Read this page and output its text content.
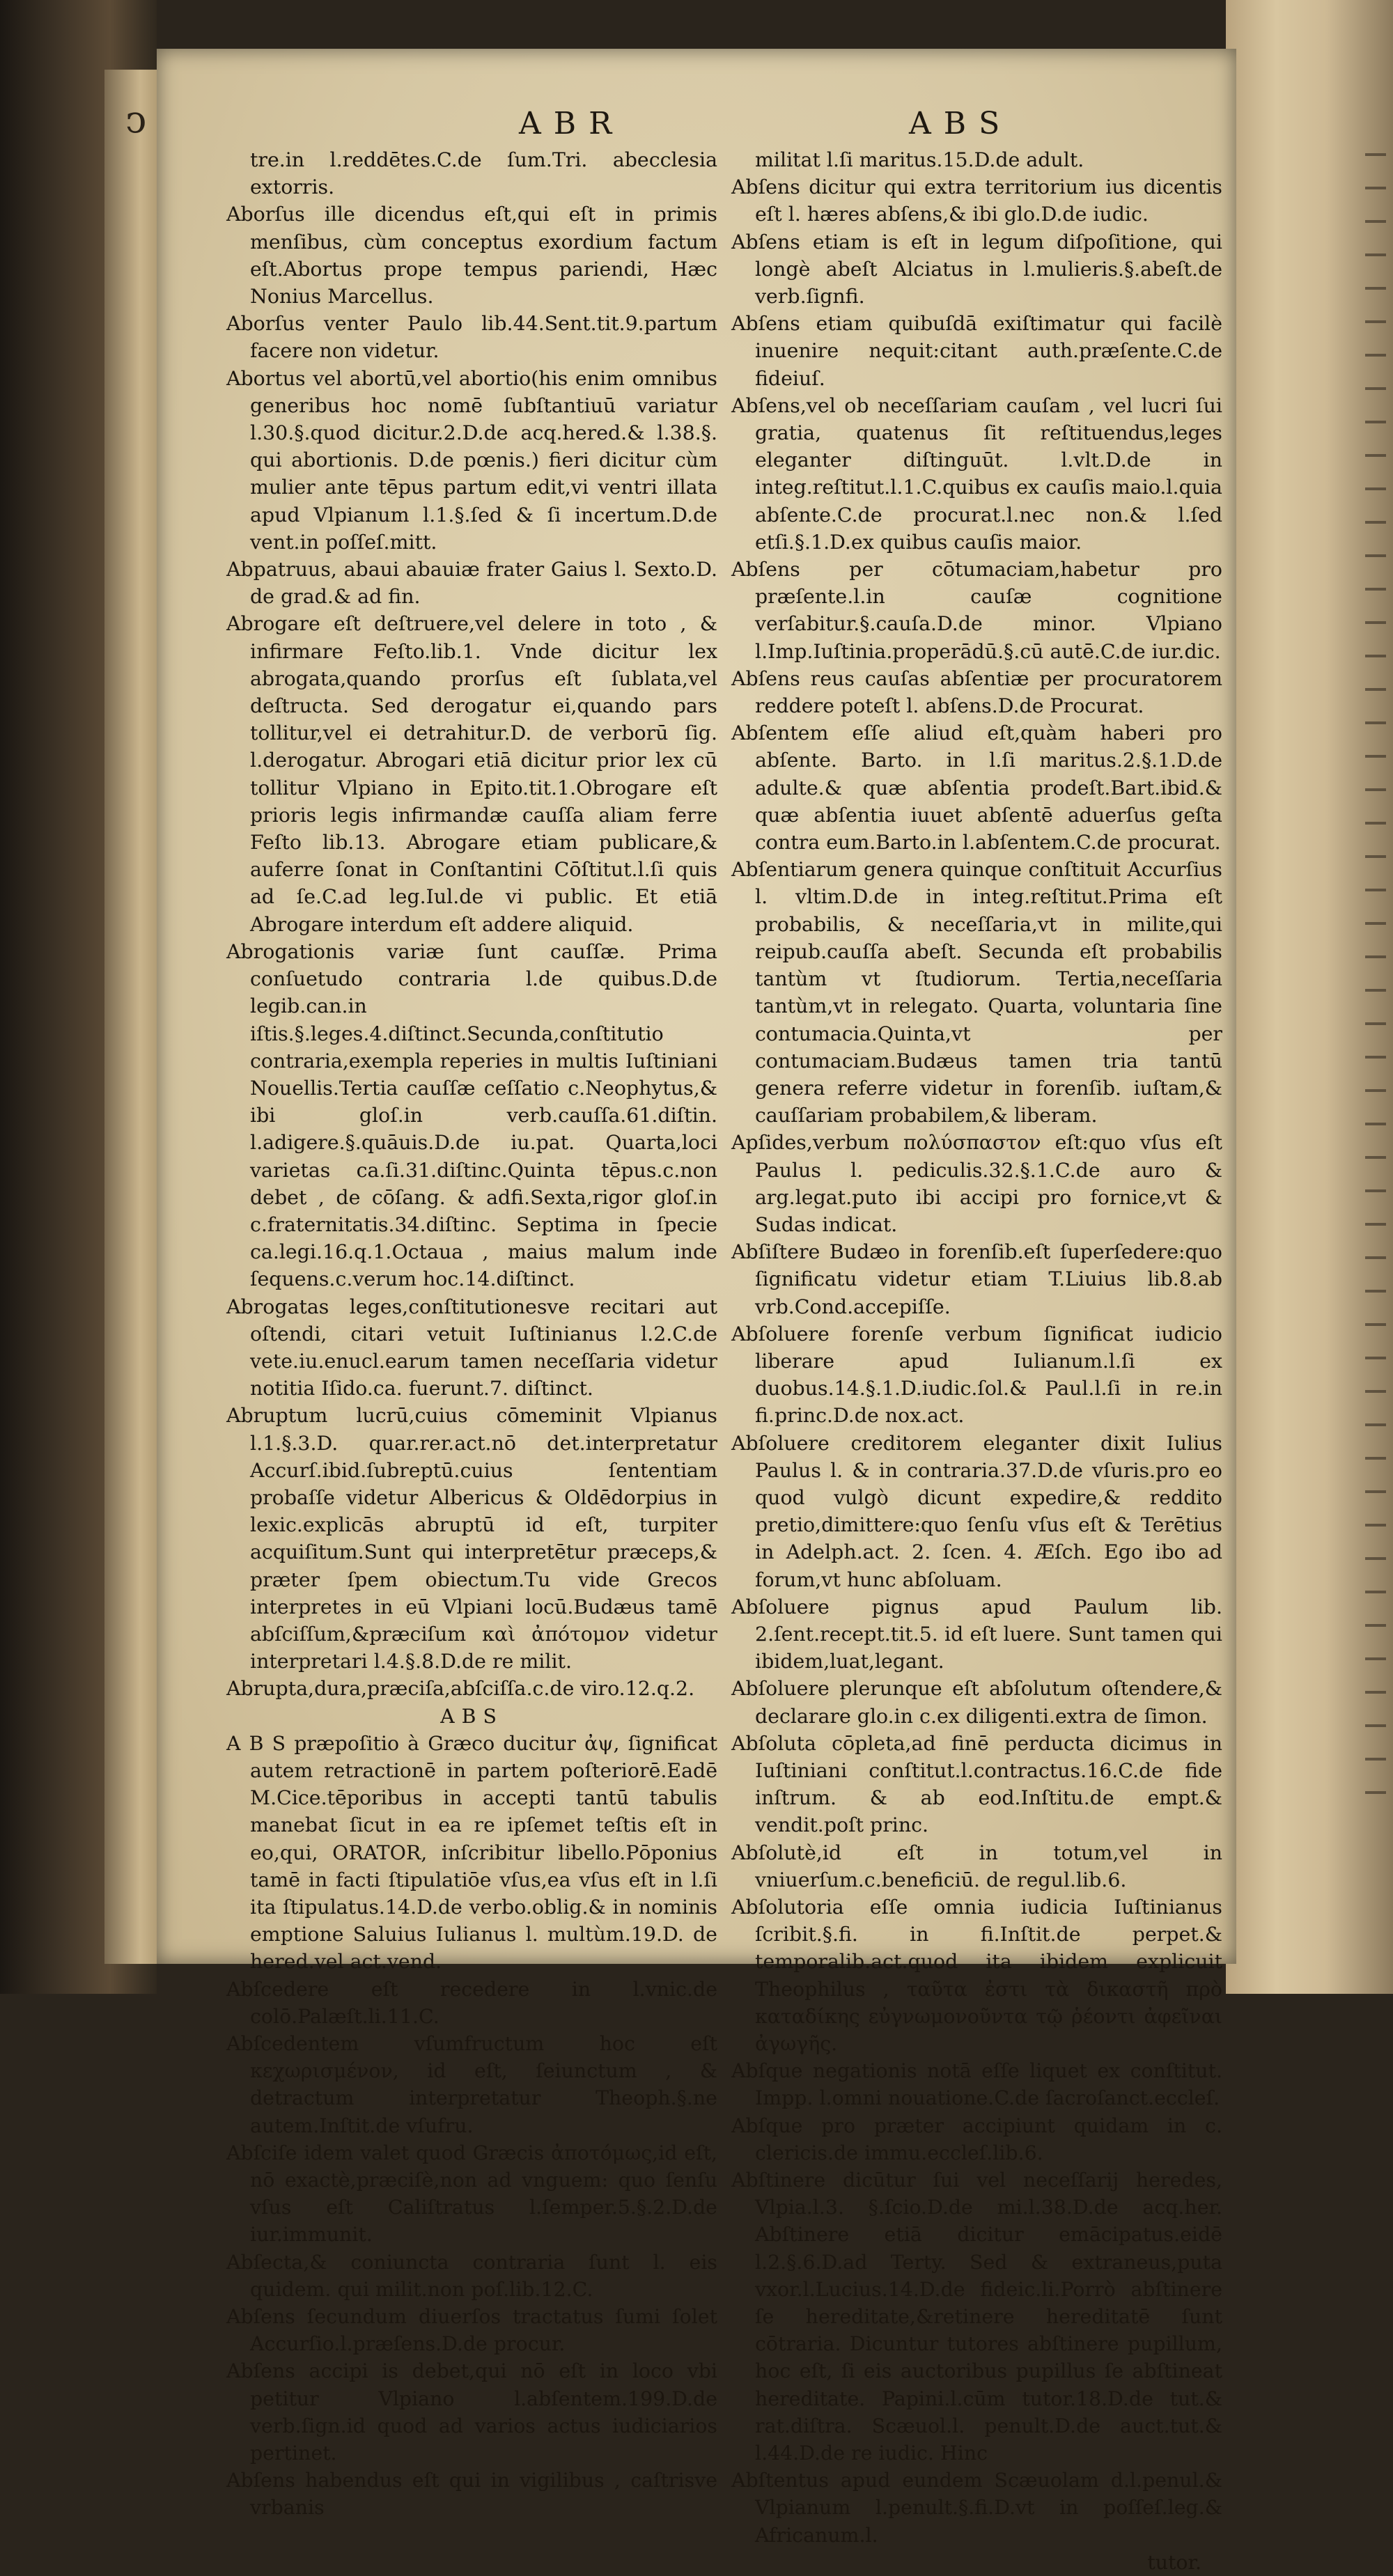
ↄ	ABR	ABS

tre.in l.reddētes.C.de ſum.Tri. abecclesia extorris.

Aborſus ille dicendus eſt,qui eſt in primis menſibus, cùm conceptus exordium factum eſt.Abortus prope tempus pariendi, Hæc Nonius Marcellus.

Aborſus venter Paulo lib.44.Sent.tit.9.partum facere non videtur.

Abortus vel abortū,vel abortio(his enim omnibus generibus hoc nomē ſubſtantiuū variatur l.30.§.quod dicitur.2.D.de acq.hered.& l.38.§. qui abortionis. D.de pœnis.) fieri dicitur cùm mulier ante tēpus partum edit,vi ventri illata apud Vlpianum l.1.§.ſed & ſi incertum.D.de vent.in poſſeſ.mitt.

Abpatruus, abaui abauiæ frater Gaius l. Sexto.D. de grad.& ad fin.

Abrogare eſt deſtruere,vel delere in toto , & infirmare Feſto.lib.1. Vnde dicitur lex abrogata,quando prorſus eſt ſublata,vel deſtructa. Sed derogatur ei,quando pars tollitur,vel ei detrahitur.D. de verborū ſig. l.derogatur. Abrogari etiā dicitur prior lex cū tollitur Vlpiano in Epito.tit.1.Obrogare eſt prioris legis infirmandæ cauſſa aliam ferre Feſto lib.13. Abrogare etiam publicare,& auferre ſonat in Conſtantini Cōſtitut.l.ſi quis ad ſe.C.ad leg.Iul.de vi public. Et etiā Abrogare interdum eſt addere aliquid.

Abrogationis variæ ſunt cauſſæ. Prima conſuetudo contraria l.de quibus.D.de legib.can.in iſtis.§.leges.4.diſtinct.Secunda,conſtitutio contraria,exempla reperies in multis Iuſtiniani Nouellis.Tertia cauſſæ ceſſatio c.Neophytus,& ibi gloſ.in verb.cauſſa.61.diſtin. l.adigere.§.quāuis.D.de iu.pat. Quarta,loci varietas ca.ſi.31.diſtinc.Quinta tēpus.c.non debet , de cōſang. & adfi.Sexta,rigor gloſ.in c.fraternitatis.34.diſtinc. Septima in ſpecie ca.legi.16.q.1.Octaua , maius malum inde ſequens.c.verum hoc.14.diſtinct.

Abrogatas leges,conſtitutionesve recitari aut oſtendi, citari vetuit Iuſtinianus l.2.C.de vete.iu.enucl.earum tamen neceſſaria videtur notitia Iſido.ca. fuerunt.7. diſtinct.

Abruptum lucrū,cuius cōmeminit Vlpianus l.1.§.3.D. quar.rer.act.nō det.interpretatur Accurſ.ibid.ſubreptū.cuius ſententiam probaſſe videtur Albericus & Oldēdorpius in lexic.explicās abruptū id eſt, turpiter acquiſitum.Sunt qui interpretētur præceps,& præter ſpem obiectum.Tu vide Grecos interpretes in eū Vlpiani locū.Budæus tamē abſciſſum,&præciſum καὶ ἀπότομον videtur interpretari l.4.§.8.D.de re milit.

Abrupta,dura,præciſa,abſciſſa.c.de viro.12.q.2.

ABS

A B S præpoſitio à Græco ducitur ἀψ, ſignificat autem retractionē in partem poſteriorē.Eadē M.Cice.tēporibus in accepti tantū tabulis manebat ſicut in ea re ipſemet teſtis eſt in eo,qui, ORATOR, inſcribitur libello.Pōponius tamē in facti ſtipulatiōe vſus,ea vſus eſt in l.ſi ita ſtipulatus.14.D.de verbo.oblig.& in nominis emptione Saluius Iulianus l. multùm.19.D. de hered.vel act.vend.

Abſcedere eſt recedere in l.vnic.de colō.Palæſt.li.11.C.

Abſcedentem vſumfructum hoc eſt κεχωρισμένον, id eſt, ſeiunctum , & detractum interpretatur Theoph.§.ne autem.Inſtit.de vſufru.

Abſciſe idem valet quod Græcis ἀποτόμως,id eſt, nō exactè,præciſè,non ad vnguem: quo ſenſu vſus eſt Caliſtratus l.ſemper.5.§.2.D.de iur.immunit.

Abſecta,& coniuncta contraria ſunt l. eis quidem. qui milit.non poſ.lib.12.C.

Abſens ſecundum diuerſos tractatus ſumi ſolet Accurſio.l.præſens.D.de procur.

Abſens accipi is debet,qui nō eſt in loco vbi petitur Vlpiano l.abſentem.199.D.de verb.ſign.id quod ad varios actus iudiciarios pertinet.

Abſens habendus eſt qui in vigilibus , caſtrisve vrbanis

militat l.ſi maritus.15.D.de adult.

Abſens dicitur qui extra territorium ius dicentis eſt l. hæres abſens,& ibi glo.D.de iudic.

Abſens etiam is eſt in legum diſpoſitione, qui longè abeſt Alciatus in l.mulieris.§.abeſt.de verb.ſignfi.

Abſens etiam quibuſdā exiſtimatur qui facilè inuenire nequit:citant auth.præſente.C.de fideiuſ.

Abſens,vel ob neceſſariam cauſam , vel lucri ſui gratia, quatenus ſit reſtituendus,leges eleganter diſtinguūt. l.vlt.D.de in integ.reſtitut.l.1.C.quibus ex cauſis maio.l.quia abſente.C.de procurat.l.nec non.& l.ſed etſi.§.1.D.ex quibus cauſis maior.

Abſens per cōtumaciam,habetur pro præſente.l.in cauſæ cognitione verſabitur.§.cauſa.D.de minor. Vlpiano l.Imp.Iuſtinia.properādū.§.cū autē.C.de iur.dic.

Abſens reus cauſas abſentiæ per procuratorem reddere poteſt l. abſens.D.de Procurat.

Abſentem eſſe aliud eſt,quàm haberi pro abſente. Barto. in l.ſi maritus.2.§.1.D.de adulte.& quæ abſentia prodeſt.Bart.ibid.& quæ abſentia iuuet abſentē aduerſus geſta contra eum.Barto.in l.abſentem.C.de procurat.

Abſentiarum genera quinque conſtituit Accurſius l. vltim.D.de in integ.reſtitut.Prima eſt probabilis, & neceſſaria,vt in milite,qui reipub.cauſſa abeſt. Secunda eſt probabilis tantùm vt ſtudiorum. Tertia,neceſſaria tantùm,vt in relegato. Quarta, voluntaria ſine contumacia.Quinta,vt per contumaciam.Budæus tamen tria tantū genera referre videtur in forenſib. iuſtam,& cauſſariam probabilem,& liberam.

Apſides,verbum πολύσπαστον eſt:quo vſus eſt Paulus l. pediculis.32.§.1.C.de auro & arg.legat.puto ibi accipi pro fornice,vt & Sudas indicat.

Abſiſtere Budæo in forenſib.eſt ſuperſedere:quo ſignificatu videtur etiam T.Liuius lib.8.ab vrb.Cond.accepiſſe.

Abſoluere forenſe verbum ſignificat iudicio liberare apud Iulianum.l.ſi ex duobus.14.§.1.D.iudic.ſol.& Paul.l.ſi in re.in fi.princ.D.de nox.act.

Abſoluere creditorem eleganter dixit Iulius Paulus l. & in contraria.37.D.de vſuris.pro eo quod vulgò dicunt expedire,& reddito pretio,dimittere:quo ſenſu vſus eſt & Terētius in Adelph.act. 2. ſcen. 4. Æſch. Ego ibo ad forum,vt hunc abſoluam.

Abſoluere pignus apud Paulum lib. 2.ſent.recept.tit.5. id eſt luere. Sunt tamen qui ibidem,luat,legant.

Abſoluere plerunque eſt abſolutum oſtendere,& declarare glo.in c.ex diligenti.extra de ſimon.

Abſoluta cōpleta,ad finē perducta dicimus in Iuſtiniani conſtitut.l.contractus.16.C.de fide inſtrum. & ab eod.Inſtitu.de empt.& vendit.poſt princ.

Abſolutè,id eſt in totum,vel in vniuerſum.c.beneficiū. de regul.lib.6.

Abſolutoria eſſe omnia iudicia Iuſtinianus ſcribit.§.fi. in fi.Inſtit.de perpet.& temporalib.act.quod ita ibidem explicuit Theophilus , ταῦτα ἐστι τὰ δικαστῆ πρὸ καταδίκης εὐγνωμονοῦντα τῷ ῥέοντι ἀφεῖναι ἀγωγῆς.

Abſque negationis notā eſſe liquet ex conſtitut. Impp. l.omni nouatione.C.de ſacroſanct.eccleſ.

Abſque pro præter accipiunt quidam in c. clericis.de immu.eccleſ.lib.6.

Abſtinere dicūtur ſui vel neceſſarij heredes, Vlpia.l.3. §.ſcio.D.de mi.l.38.D.de acq.her. Abſtinere etiā dicitur emācipatus.eidē l.2.§.6.D.ad Terty. Sed & extraneus,puta vxor.l.Lucius.14.D.de fideic.li.Porrò abſtinere ſe hereditate,&retinere hereditatē ſunt cōtraria. Dicuntur tutores abſtinere pupillum, hoc eſt, ſi eis auctoribus pupillus ſe abſtineat hereditate. Papini.l.cūm tutor.18.D.de tut.& rat.diſtra. Scæuol.l. penult.D.de auct.tut.& l.44.D.de re iudic. Hinc

Abſtentus apud eundem Scæuolam d.l.penul.& Vlpianum l.penult.§.fi.D.vt in poſſeſ.leg.& Africanum.l.

tutor.
